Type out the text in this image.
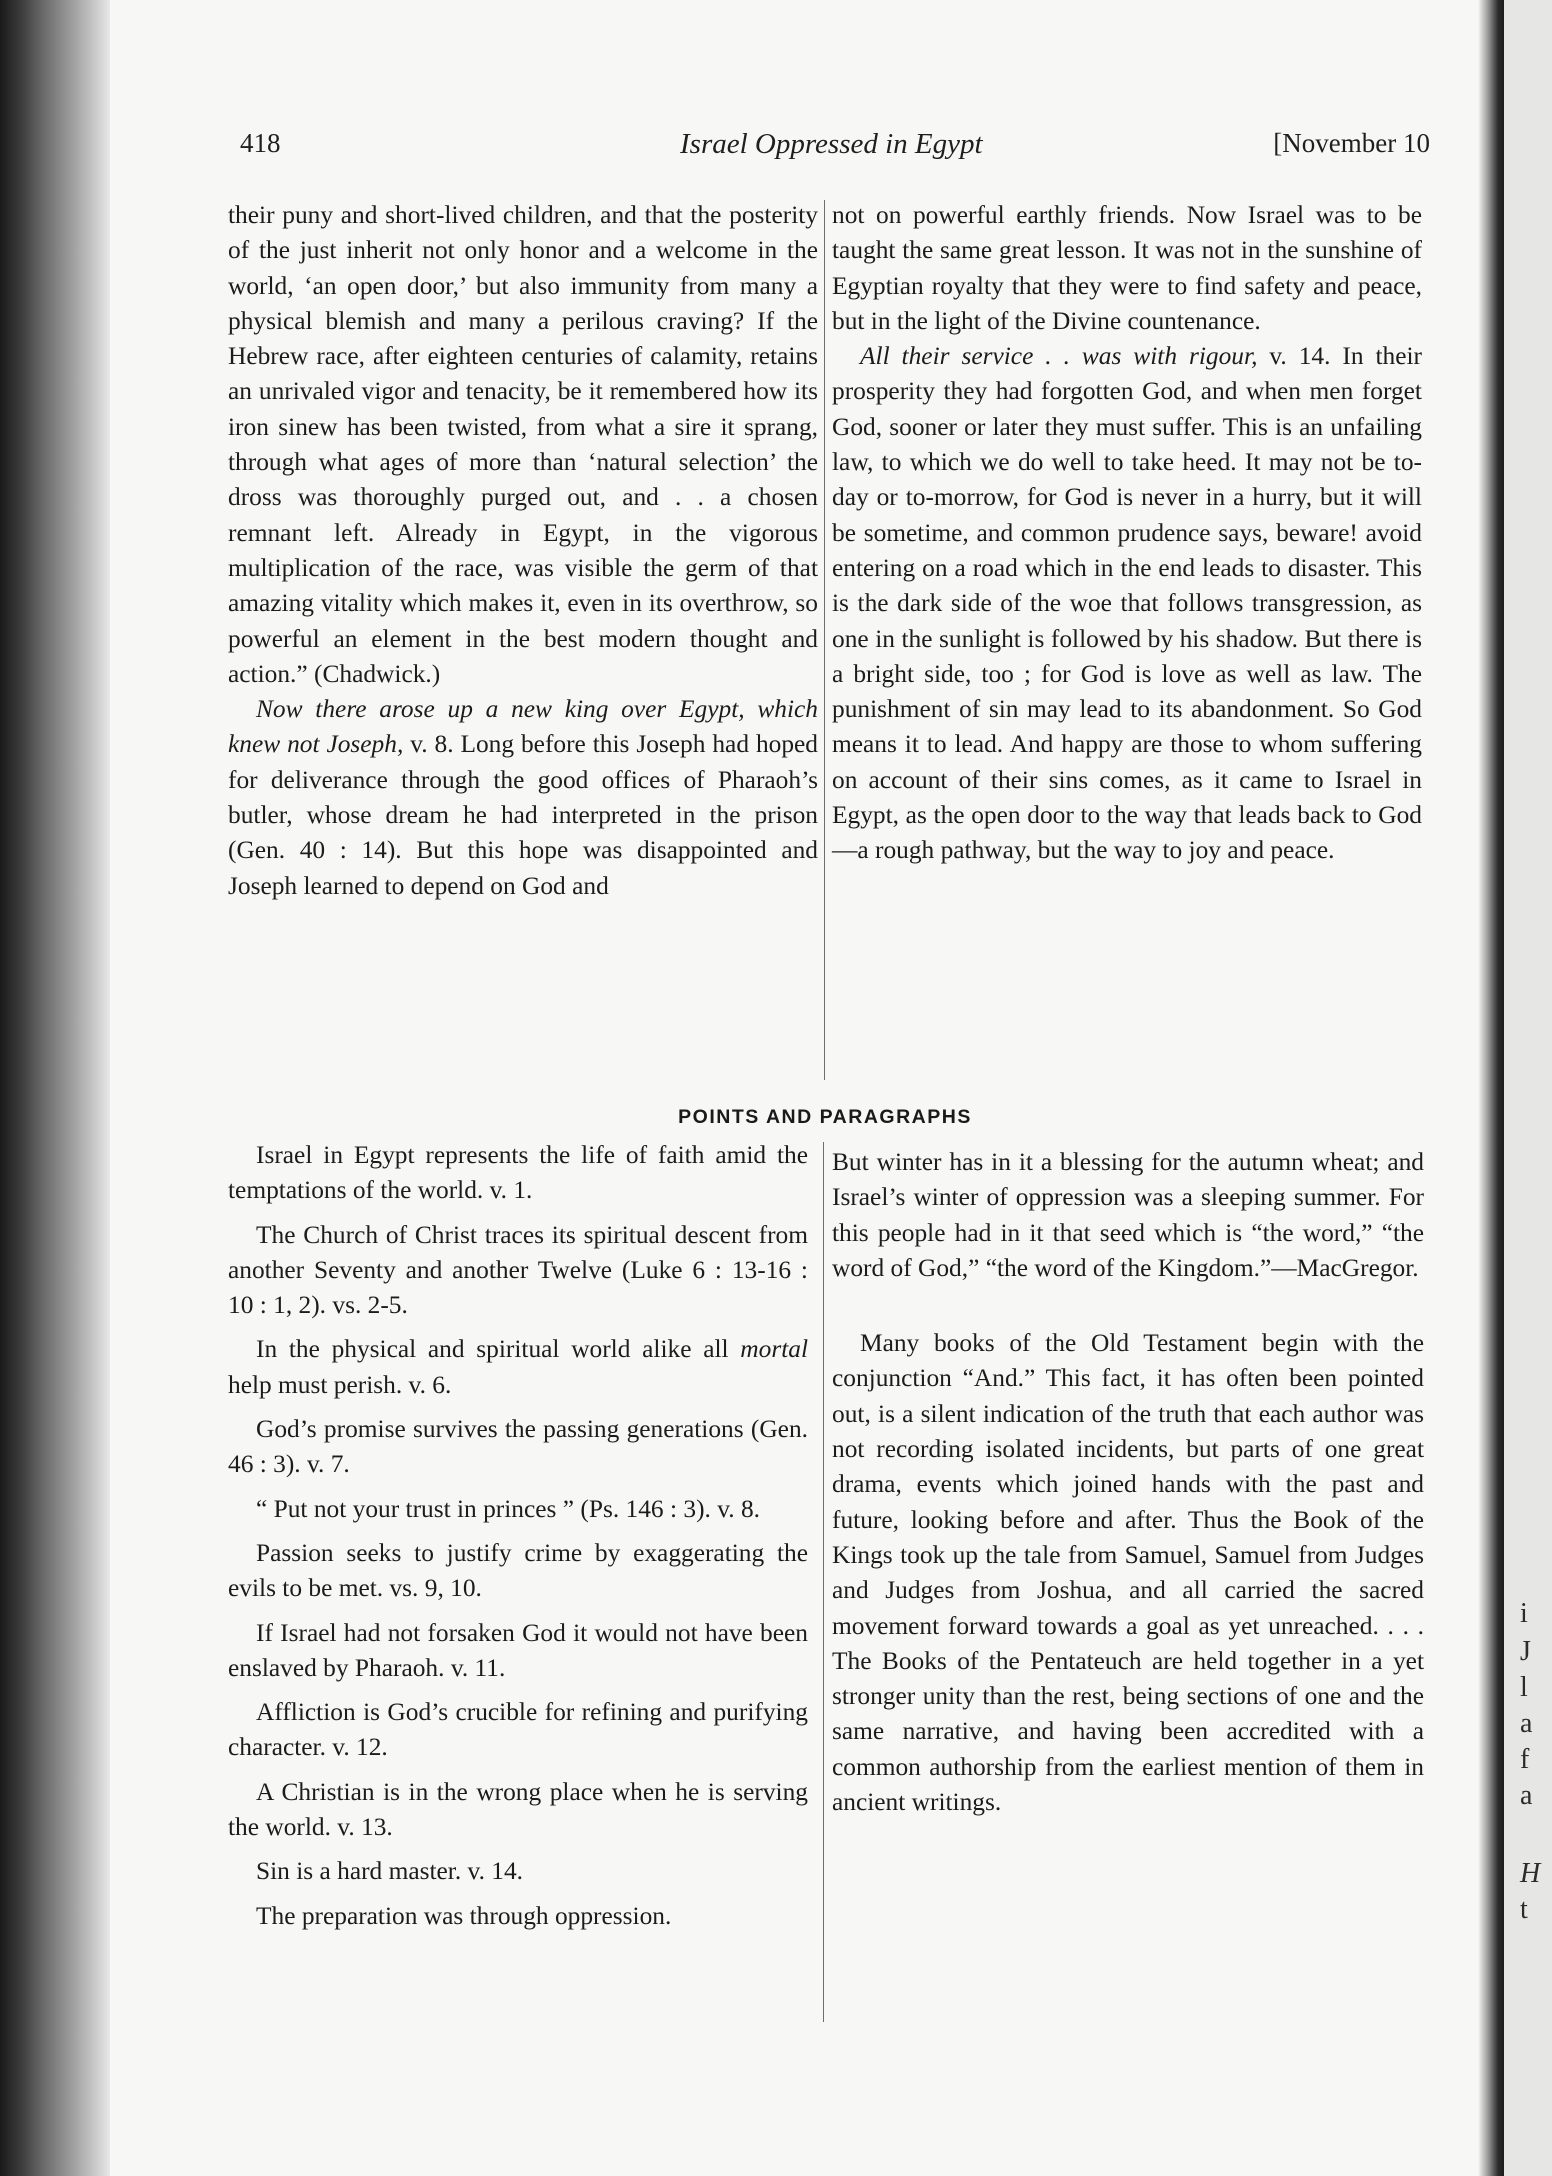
i
J
l
a
f
a
H
t
418	Israel Oppressed in Egypt	[November 10

their puny and short-lived children, and that the posterity of the just inherit not only honor and a welcome in the world, ‘an open door,’ but also immunity from many a physical blemish and many a perilous craving? If the Hebrew race, after eighteen centuries of calamity, retains an unrivaled vigor and tenacity, be it remembered how its iron sinew has been twisted, from what a sire it sprang, through what ages of more than ‘natural selection’ the dross was thoroughly purged out, and . . a chosen remnant left. Already in Egypt, in the vigorous multiplication of the race, was visible the germ of that amazing vitality which makes it, even in its overthrow, so powerful an element in the best modern thought and action.” (Chadwick.)

Now there arose up a new king over Egypt, which knew not Joseph, v. 8. Long before this Joseph had hoped for deliverance through the good offices of Pharaoh’s butler, whose dream he had interpreted in the prison (Gen. 40 : 14). But this hope was disappointed and Joseph learned to depend on God and

not on powerful earthly friends. Now Israel was to be taught the same great lesson. It was not in the sunshine of Egyptian royalty that they were to find safety and peace, but in the light of the Divine countenance.

All their service . . was with rigour, v. 14. In their prosperity they had forgotten God, and when men forget God, sooner or later they must suffer. This is an unfailing law, to which we do well to take heed. It may not be to-day or to-morrow, for God is never in a hurry, but it will be sometime, and common prudence says, beware! avoid entering on a road which in the end leads to disaster. This is the dark side of the woe that follows transgression, as one in the sunlight is followed by his shadow. But there is a bright side, too ; for God is love as well as law. The punishment of sin may lead to its abandonment. So God means it to lead. And happy are those to whom suffering on account of their sins comes, as it came to Israel in Egypt, as the open door to the way that leads back to God—a rough pathway, but the way to joy and peace.

POINTS AND PARAGRAPHS

Israel in Egypt represents the life of faith amid the temptations of the world. v. 1.

The Church of Christ traces its spiritual descent from another Seventy and another Twelve (Luke 6 : 13-16 : 10 : 1, 2). vs. 2-5.

In the physical and spiritual world alike all mortal help must perish. v. 6.

God’s promise survives the passing generations (Gen. 46 : 3). v. 7.

“ Put not your trust in princes ” (Ps. 146 : 3). v. 8.

Passion seeks to justify crime by exaggerating the evils to be met. vs. 9, 10.

If Israel had not forsaken God it would not have been enslaved by Pharaoh. v. 11.

Affliction is God’s crucible for refining and purifying character. v. 12.

A Christian is in the wrong place when he is serving the world. v. 13.

Sin is a hard master. v. 14.

The preparation was through oppression.

But winter has in it a blessing for the autumn wheat; and Israel’s winter of oppression was a sleeping summer. For this people had in it that seed which is “the word,” “the word of God,” “the word of the Kingdom.”—MacGregor.

Many books of the Old Testament begin with the conjunction “And.” This fact, it has often been pointed out, is a silent indication of the truth that each author was not recording isolated incidents, but parts of one great drama, events which joined hands with the past and future, looking before and after. Thus the Book of the Kings took up the tale from Samuel, Samuel from Judges and Judges from Joshua, and all carried the sacred movement forward towards a goal as yet unreached. . . . The Books of the Pentateuch are held together in a yet stronger unity than the rest, being sections of one and the same narrative, and having been accredited with a common authorship from the earliest mention of them in ancient writings.
